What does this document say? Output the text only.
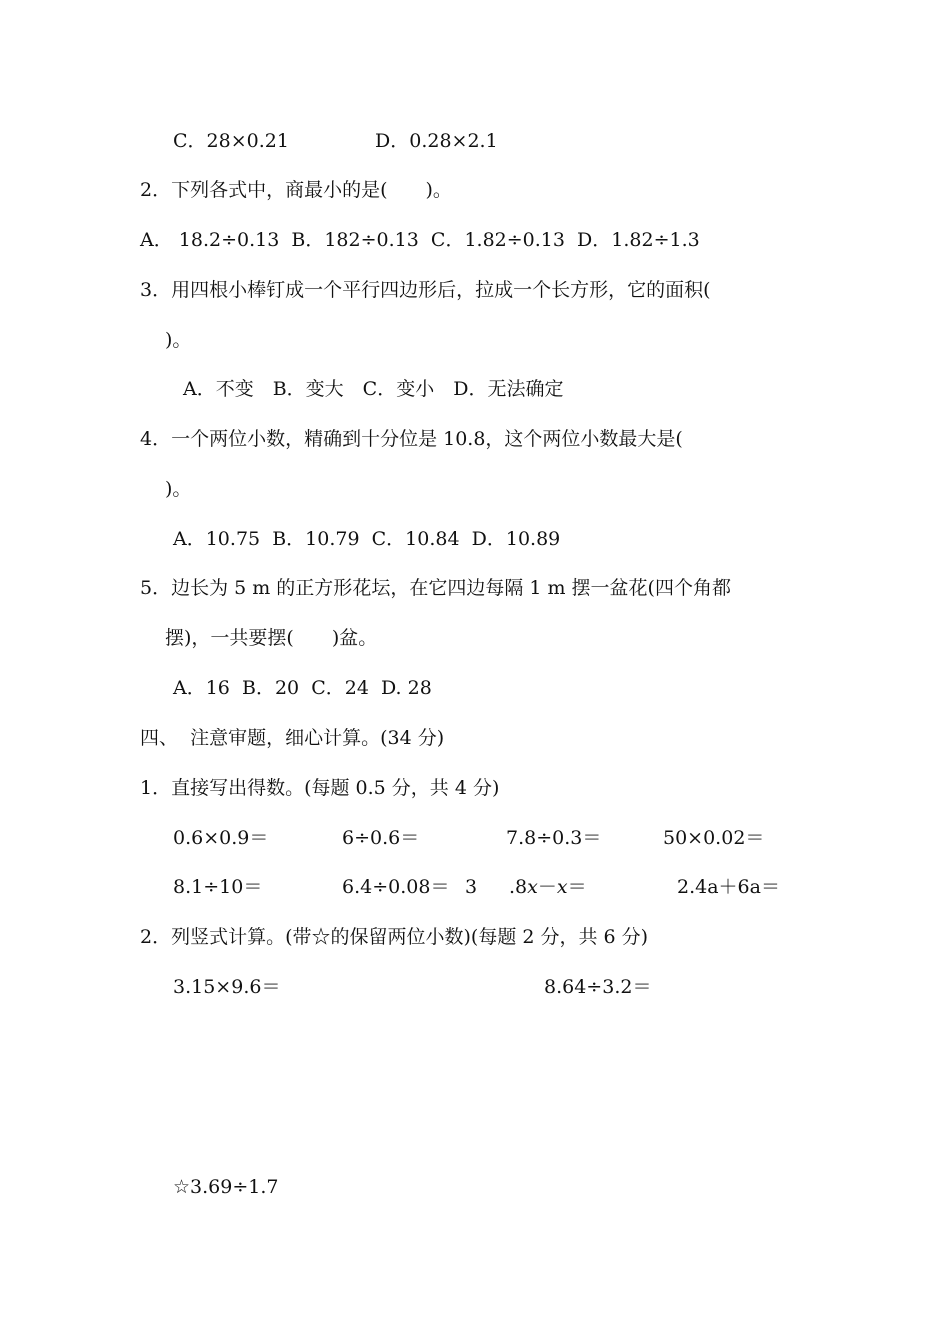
C．28×0.21	D．0.28×2.1
2．下列各式中，商最小的是(　　)。
A． 18.2÷0.13  B．182÷0.13  C．1.82÷0.13  D．1.82÷1.3
3．用四根小棒钉成一个平行四边形后，拉成一个长方形，它的面积(
)。
A．不变　B．变大　C．变小　D．无法确定
4．一个两位小数，精确到十分位是 10.8，这个两位小数最大是(
)。
A．10.75  B．10.79  C．10.84  D．10.89
5．边长为 5 m 的正方形花坛，在它四边每隔 1 m 摆一盆花(四个角都
摆)，一共要摆(　　)盆。
A．16  B．20  C．24  D. 28
四、  注意审题，细心计算。(34 分)
1．直接写出得数。(每题 0.5 分，共 4 分)
0.6×0.9＝	6÷0.6＝	7.8÷0.3＝	50×0.02＝
8.1÷10＝	6.4÷0.08＝ 3 .8x－x＝	2.4a＋6a＝
2．列竖式计算。(带☆的保留两位小数)(每题 2 分，共 6 分)
3.15×9.6＝	8.64÷3.2＝
☆3.69÷1.7
